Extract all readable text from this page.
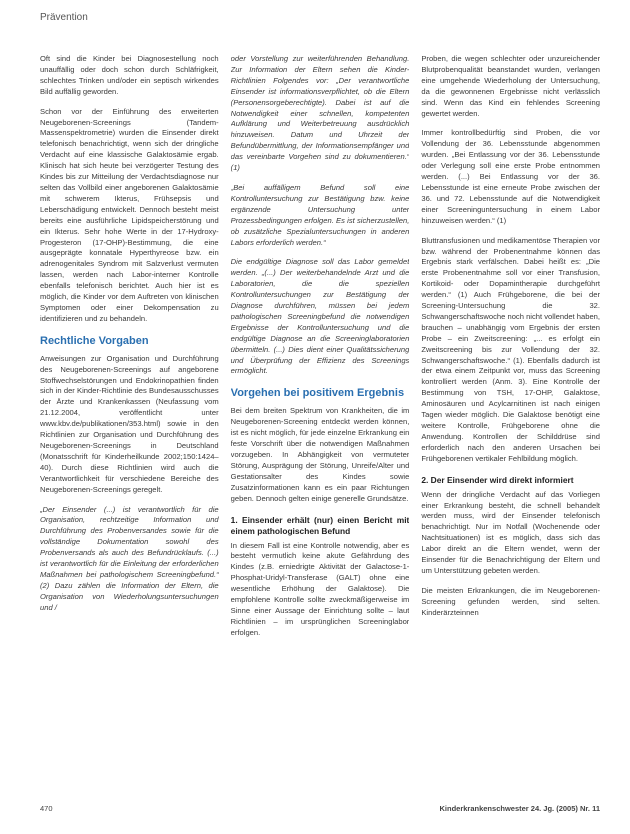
Prävention

Oft sind die Kinder bei Diagnosestellung noch unauffällig oder doch schon durch Schläfrigkeit, schlechtes Trinken und/oder ein septisch wirkendes Bild auffällig geworden.

Schon vor der Einführung des erweiterten Neugeborenen-Screenings (Tandem-Massenspektrometrie) wurden die Einsender direkt telefonisch benachrichtigt, wenn sich der dringliche Verdacht auf eine klassische Galaktosämie ergab. Klinisch hat sich heute bei verzögerter Testung des Kindes bis zur Mitteilung der Verdachtsdiagnose nur selten das Vollbild einer angeborenen Galaktosämie mit schwerem Ikterus, Frühsepsis und Leberschädigung entwickelt. Dennoch besteht meist bereits eine ausführliche Lipidspeicherstörung und ein Ikterus. Sehr hohe Werte in der 17-Hydroxy-Progesteron (17-OHP)-Bestimmung, die eine ausgeprägte konnatale Hyperthyreose bzw. ein adrenogenitales Syndrom mit Salzverlust vermuten lassen, werden nach Labor-interner Kontrolle ebenfalls telefonisch berichtet. Auch hier ist es möglich, die Kinder vor dem Auftreten von klinischen Symptomen oder einer Dekompensation zu identifizieren und zu behandeln.

Rechtliche Vorgaben

Anweisungen zur Organisation und Durchführung des Neugeborenen-Screenings auf angeborene Stoffwechselstörungen und Endokrinopathien finden sich in der Kinder-Richtlinie des Bundesausschusses der Ärzte und Krankenkassen (Neufassung vom 21.12.2004, veröffentlicht unter www.kbv.de/publikationen/353.html) sowie in den Richtlinien zur Organisation und Durchführung des Neugeborenen-Screenings in Deutschland (Monatsschrift für Kinderheilkunde 2002;150:1424–40). Durch diese Richtlinien wird auch die Verantwortlichkeit für verschiedene Bereiche des Neugeborenen-Screenings geregelt.

„Der Einsender (...) ist verantwortlich für die Organisation, rechtzeitige Information und Durchführung des Probenversandes sowie für die vollständige Dokumentation sowohl des Probenversands als auch des Befundrücklaufs. (...) ist verantwortlich für die Einleitung der erforderlichen Maßnahmen bei pathologischem Screeningbefund.“ (2) Dazu zählen die Information der Eltern, die Organisation von Wiederholungsuntersuchungen und /

oder Vorstellung zur weiterführenden Behandlung. Zur Information der Eltern sehen die Kinder-Richtlinien Folgendes vor: „Der verantwortliche Einsender ist informationsverpflichtet, ob die Eltern (Personensorgeberechtigte). Dabei ist auf die Notwendigkeit einer schnellen, kompetenten Aufklärung und Weiterbetreuung ausdrücklich hinzuweisen. Datum und Uhrzeit der Befundübermittlung, der Informationsempfänger und das vereinbarte Vorgehen sind zu dokumentieren.“ (1)

„Bei auffälligem Befund soll eine Kontrolluntersuchung zur Bestätigung bzw. keine ergänzende Untersuchung unter Prozessbedingungen erfolgen. Es ist sicherzustellen, ob zusätzliche Spezialuntersuchungen in anderen Labors erforderlich werden.“

Die endgültige Diagnose soll das Labor gemeldet werden. „(...) Der weiterbehandelnde Arzt und die Laboratorien, die die speziellen Kontrolluntersuchungen zur Bestätigung der Diagnose durchführen, müssen bei jedem pathologischen Screeningbefund die notwendigen Ergebnisse der Kontrolluntersuchung und die endgültige Diagnose an die Screeninglaboratorien übermitteln. (...) Dies dient einer Qualitätssicherung und Überprüfung der Effizienz des Screenings ermöglicht.

Vorgehen bei positivem Ergebnis

Bei dem breiten Spektrum von Krankheiten, die im Neugeborenen-Screening entdeckt werden können, ist es nicht möglich, für jede einzelne Erkrankung ein feste Vorschrift über die notwendigen Maßnahmen vorzugeben. In Abhängigkeit von vermuteter Störung, Ausprägung der Störung, Unreife/Alter und Gestationsalter des Kindes sowie Zusatzinformationen kann es ein paar Richtungen geben. Dennoch gelten einige generelle Grundsätze.

1. Einsender erhält (nur) einen Bericht mit einem pathologischen Befund

In diesem Fall ist eine Kontrolle notwendig, aber es besteht vermutlich keine akute Gefährdung des Kindes (z.B. erniedrigte Aktivität der Galactose-1-Phosphat-Uridyl-Transferase (GALT) ohne eine wesentliche Erhöhung der Galaktose). Die empfohlene Kontrolle sollte zweckmäßigerweise im Sinne einer Aussage der Einrichtung sollte – laut Richtlinien – im ursprünglichen Screeninglabor erfolgen.

Proben, die wegen schlechter oder unzureichender Blutprobenqualität beanstandet wurden, verlangen eine umgehende Wiederholung der Untersuchung, da die gewonnenen Ergebnisse nicht verlässlich sind. Wenn das Kind ein fehlendes Screening gewertet werden.

Immer kontrollbedürftig sind Proben, die vor Vollendung der 36. Lebensstunde abgenommen wurden. „Bei Entlassung vor der 36. Lebensstunde oder Verlegung soll eine erste Probe entnommen werden. (...) Bei Entlassung vor der 36. Lebensstunde ist eine erneute Probe zwischen der 36. und 72. Lebensstunde auf die Notwendigkeit einer Screeninguntersuchung in einem Labor hinzuweisen werden.“ (1)

Bluttransfusionen und medikamentöse Therapien vor bzw. während der Probenentnahme können das Ergebnis stark verfälschen. Dabei heißt es: „Die erste Probenentnahme soll vor einer Transfusion, Kortikoid- oder Dopamintherapie durchgeführt werden.“ (1) Auch Frühgeborene, die bei der Screening-Untersuchung die 32. Schwangerschaftswoche noch nicht vollendet haben, brauchen – unabhängig vom Ergebnis der ersten Probe – ein Zweitscreening: „... es erfolgt ein Zweitscreening bis zur Vollendung der 32. Schwangerschaftswoche.“ (1). Ebenfalls dadurch ist der etwa einem Zeitpunkt vor, muss das Screening kontrolliert werden (Anm. 3). Eine Kontrolle der Bestimmung von TSH, 17-OHP, Galaktose, Aminosäuren und Acylcarnitinen ist nach einigen Tagen wieder möglich. Die Galaktose benötigt eine weitere Kontrolle, Frühgeborene ohne die Anwendung. Kontrollen der Schilddrüse sind erforderlich nach den anderen Ursachen bei Frühgeborenen vertikaler Fehlbildung möglich.

2. Der Einsender wird direkt informiert

Wenn der dringliche Verdacht auf das Vorliegen einer Erkrankung besteht, die schnell behandelt werden muss, wird der Einsender telefonisch benachrichtigt. Nur im Notfall (Wochenende oder Nachtsituationen) ist es möglich, dass sich das Labor direkt an die Eltern wendet, wenn der Einsender für die Benachrichtigung der Eltern und um Unterstützung gebeten werden.

Die meisten Erkrankungen, die im Neugeborenen-Screening gefunden werden, sind selten. Kinderärzteinnen

470	Kinderkrankenschwester 24. Jg. (2005) Nr. 11
